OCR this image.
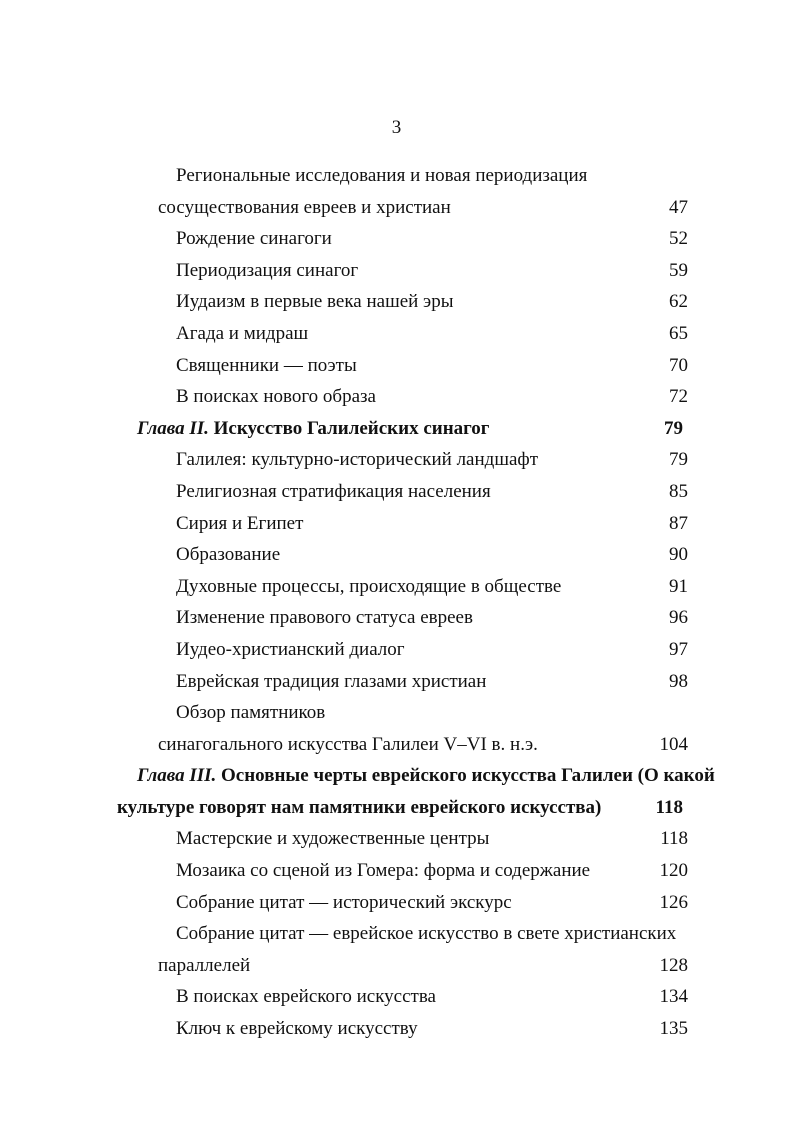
3
Региональные исследования и новая периодизация
сосуществования евреев и христиан	47
Рождение синагоги	52
Периодизация синагог	59
Иудаизм в первые века нашей эры	62
Агада и мидраш	65
Священники — поэты	70
В поисках нового образа	72
Глава II. Искусство Галилейских синагог	79
Галилея: культурно-исторический ландшафт	79
Религиозная стратификация населения	85
Сирия и Египет	87
Образование	90
Духовные процессы, происходящие в обществе	91
Изменение правового статуса евреев	96
Иудео-христианский диалог	97
Еврейская традиция глазами христиан	98
Обзор памятников
синагогального искусства Галилеи V–VI в. н.э.	104
Глава III. Основные черты еврейского искусства Галилеи (О какой
культуре говорят нам памятники еврейского искусства)	118
Мастерские и художественные центры	118
Мозаика со сценой из Гомера: форма и содержание	120
Собрание цитат — исторический экскурс	126
Собрание цитат — еврейское искусство в свете христианских
параллелей	128
В поисках еврейского искусства	134
Ключ к еврейскому искусству	135
